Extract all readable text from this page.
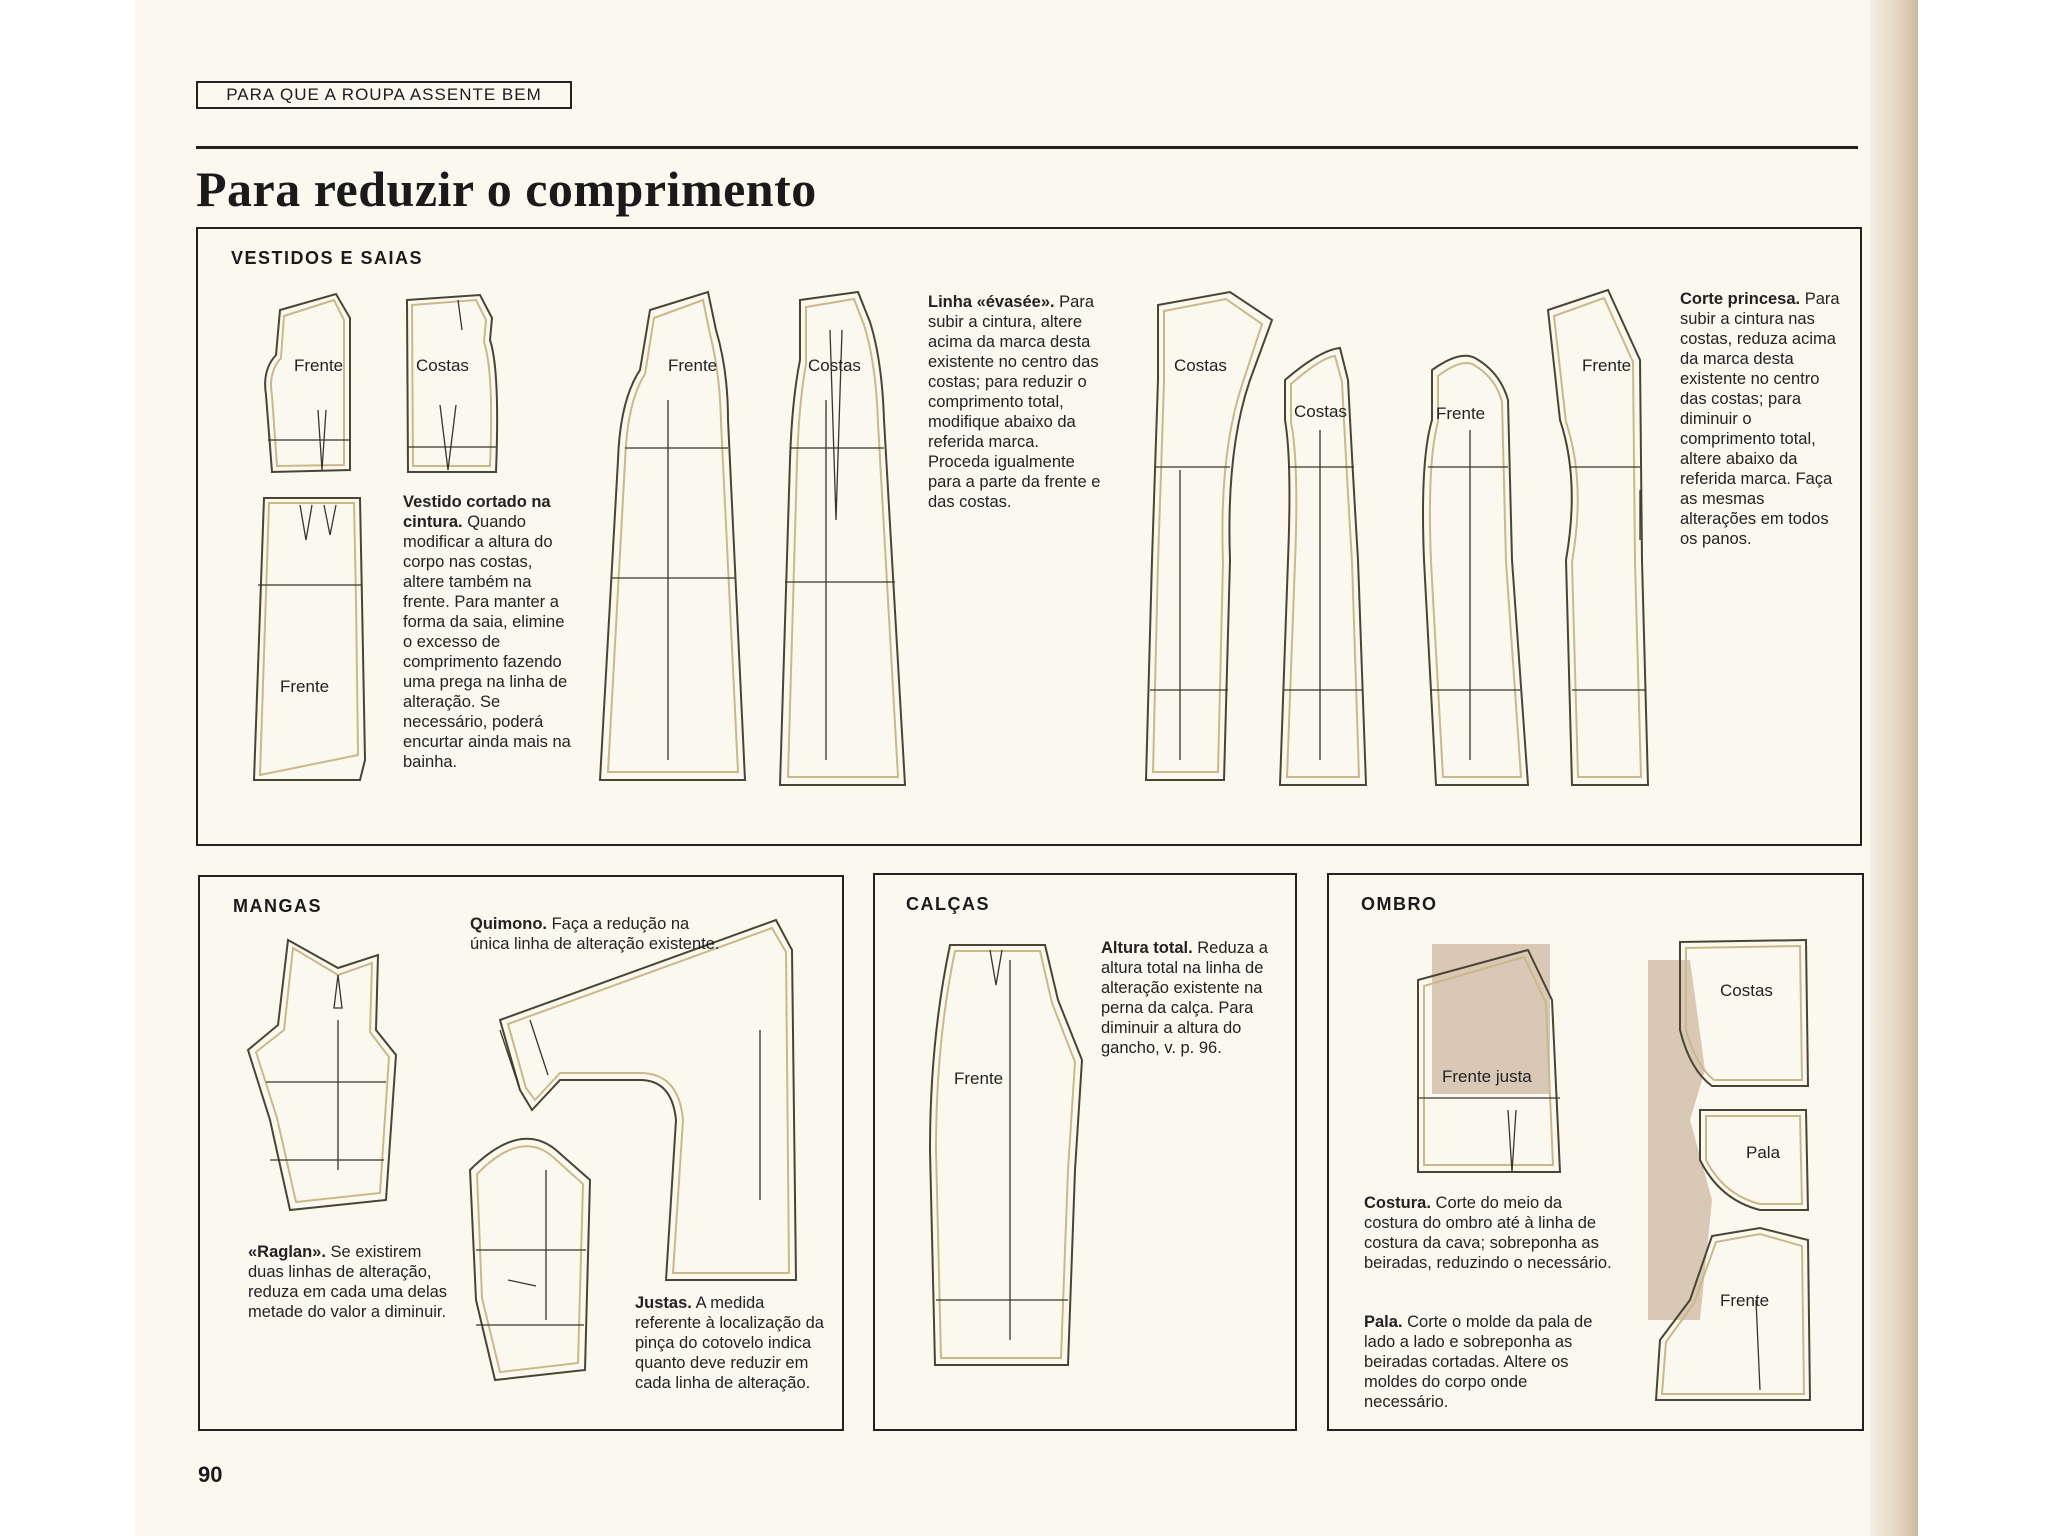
PARA QUE A ROUPA ASSENTE BEM
Para reduzir o comprimento
VESTIDOS E SAIAS
Frente	Costas
Frente
Frente	Costas	Costas
Costas	Frente
Frente
Vestido cortado na cintura. Quando modificar a altura do corpo nas costas, altere também na frente. Para manter a forma da saia, elimine o excesso de comprimento fazendo uma prega na linha de alteração. Se necessário, poderá encurtar ainda mais na bainha.
Linha «évasée». Para subir a cintura, altere acima da marca desta existente no centro das costas; para reduzir o comprimento total, modifique abaixo da referida marca. Proceda igualmente para a parte da frente e das costas.
Corte princesa. Para subir a cintura nas costas, reduza acima da marca desta existente no centro das costas; para diminuir o comprimento total, altere abaixo da referida marca. Faça as mesmas alterações em todos os panos.
MANGAS
Quimono. Faça a redução na única linha de alteração existente.
«Raglan». Se existirem duas linhas de alteração, reduza em cada uma delas metade do valor a diminuir.	Justas. A medida referente à localização da pinça do cotovelo indica quanto deve reduzir em cada linha de alteração.
CALÇAS
Frente
Altura total. Reduza a altura total na linha de alteração existente na perna da calça. Para diminuir a altura do gancho, v. p. 96.
OMBRO
Frente justa
Costas
Pala
Frente
Costura. Corte do meio da costura do ombro até à linha de costura da cava; sobreponha as beiradas, reduzindo o necessário.
Pala. Corte o molde da pala de lado a lado e sobreponha as beiradas cortadas. Altere os moldes do corpo onde necessário.
90
